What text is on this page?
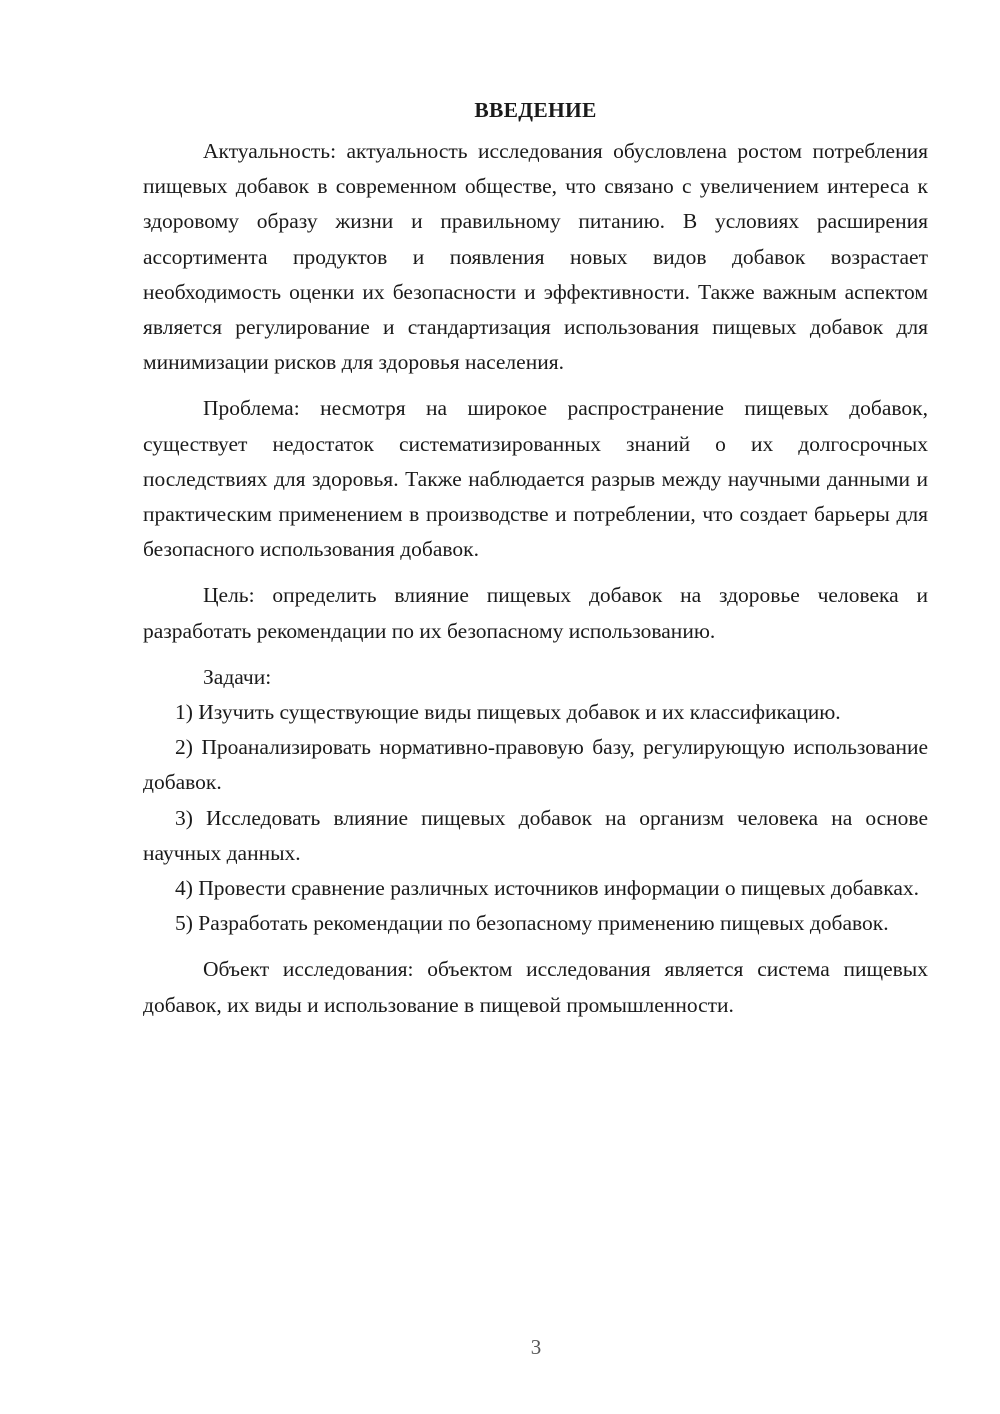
ВВЕДЕНИЕ

Актуальность: актуальность исследования обусловлена ростом потребления пищевых добавок в современном обществе, что связано с увеличением интереса к здоровому образу жизни и правильному питанию. В условиях расширения ассортимента продуктов и появления новых видов добавок возрастает необходимость оценки их безопасности и эффективности. Также важным аспектом является регулирование и стандартизация использования пищевых добавок для минимизации рисков для здоровья населения.

Проблема: несмотря на широкое распространение пищевых добавок, существует недостаток систематизированных знаний о их долгосрочных последствиях для здоровья. Также наблюдается разрыв между научными данными и практическим применением в производстве и потреблении, что создает барьеры для безопасного использования добавок.

Цель: определить влияние пищевых добавок на здоровье человека и разработать рекомендации по их безопасному использованию.

Задачи:

1) Изучить существующие виды пищевых добавок и их классификацию.

2) Проанализировать нормативно-правовую базу, регулирующую использование добавок.

3) Исследовать влияние пищевых добавок на организм человека на основе научных данных.

4) Провести сравнение различных источников информации о пищевых добавках.

5) Разработать рекомендации по безопасному применению пищевых добавок.

Объект исследования: объектом исследования является система пищевых добавок, их виды и использование в пищевой промышленности.

3
